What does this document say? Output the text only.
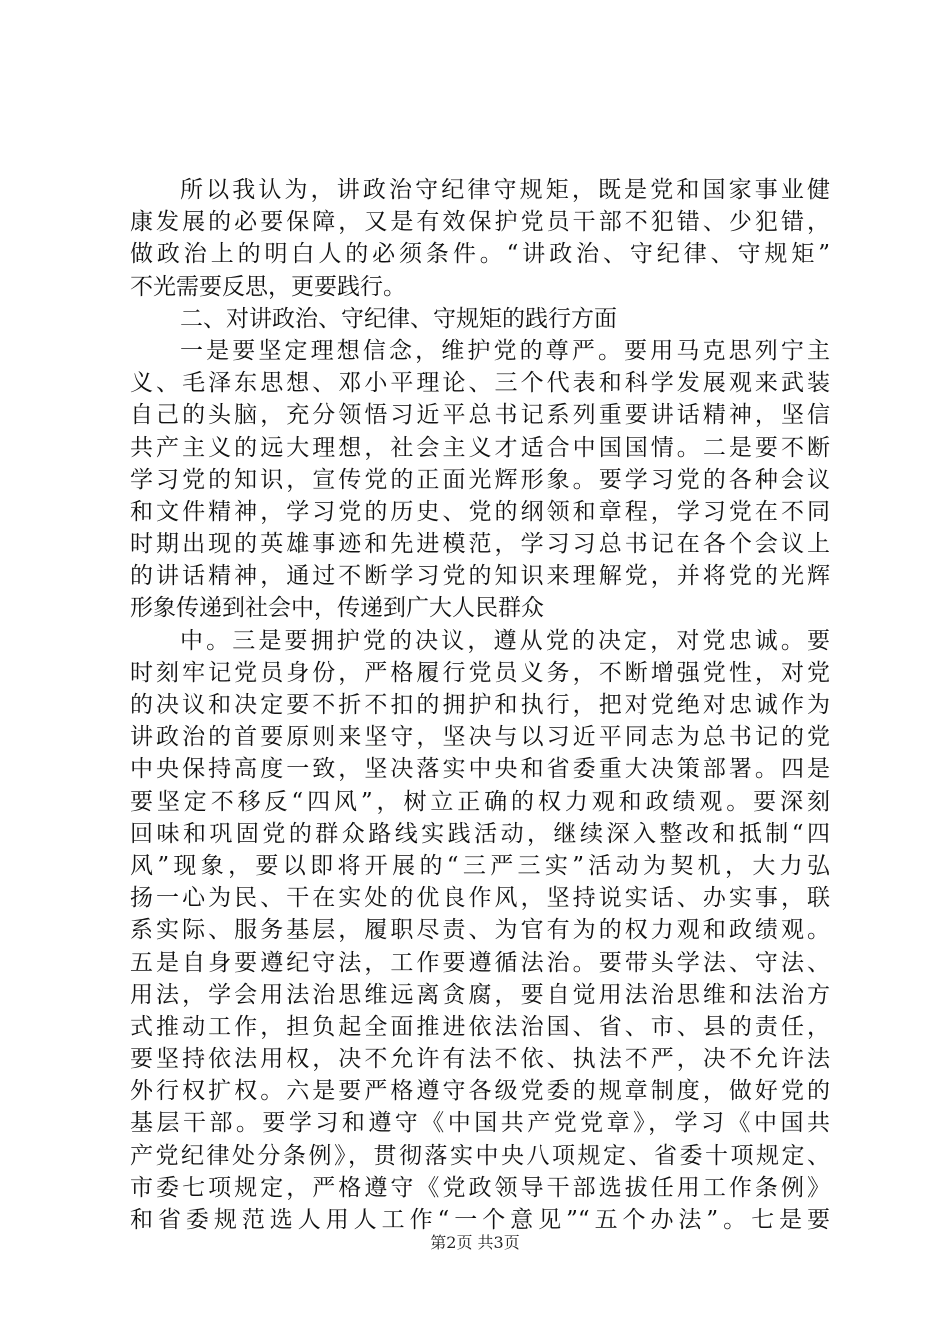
所以我认为，讲政治守纪律守规矩，既是党和国家事业健
康发展的必要保障，又是有效保护党员干部不犯错、少犯错，
做政治上的明白人的必须条件。“讲政治、守纪律、守规矩”
不光需要反思，更要践行。
二、对讲政治、守纪律、守规矩的践行方面
一是要坚定理想信念，维护党的尊严。要用马克思列宁主
义、毛泽东思想、邓小平理论、三个代表和科学发展观来武装
自己的头脑，充分领悟习近平总书记系列重要讲话精神，坚信
共产主义的远大理想，社会主义才适合中国国情。二是要不断
学习党的知识，宣传党的正面光辉形象。要学习党的各种会议
和文件精神，学习党的历史、党的纲领和章程，学习党在不同
时期出现的英雄事迹和先进模范，学习习总书记在各个会议上
的讲话精神，通过不断学习党的知识来理解党，并将党的光辉
形象传递到社会中，传递到广大人民群众
中。三是要拥护党的决议，遵从党的决定，对党忠诚。要
时刻牢记党员身份，严格履行党员义务，不断增强党性，对党
的决议和决定要不折不扣的拥护和执行，把对党绝对忠诚作为
讲政治的首要原则来坚守，坚决与以习近平同志为总书记的党
中央保持高度一致，坚决落实中央和省委重大决策部署。四是
要坚定不移反“四风”，树立正确的权力观和政绩观。要深刻
回味和巩固党的群众路线实践活动，继续深入整改和抵制“四
风”现象，要以即将开展的“三严三实”活动为契机，大力弘
扬一心为民、干在实处的优良作风，坚持说实话、办实事，联
系实际、服务基层，履职尽责、为官有为的权力观和政绩观。
五是自身要遵纪守法，工作要遵循法治。要带头学法、守法、
用法，学会用法治思维远离贪腐，要自觉用法治思维和法治方
式推动工作，担负起全面推进依法治国、省、市、县的责任，
要坚持依法用权，决不允许有法不依、执法不严，决不允许法
外行权扩权。六是要严格遵守各级党委的规章制度，做好党的
基层干部。要学习和遵守《中国共产党党章》，学习《中国共
产党纪律处分条例》，贯彻落实中央八项规定、省委十项规定、
市委七项规定，严格遵守《党政领导干部选拔任用工作条例》
和省委规范选人用人工作“一个意见”“五个办法”。七是要
第2页 共3页
